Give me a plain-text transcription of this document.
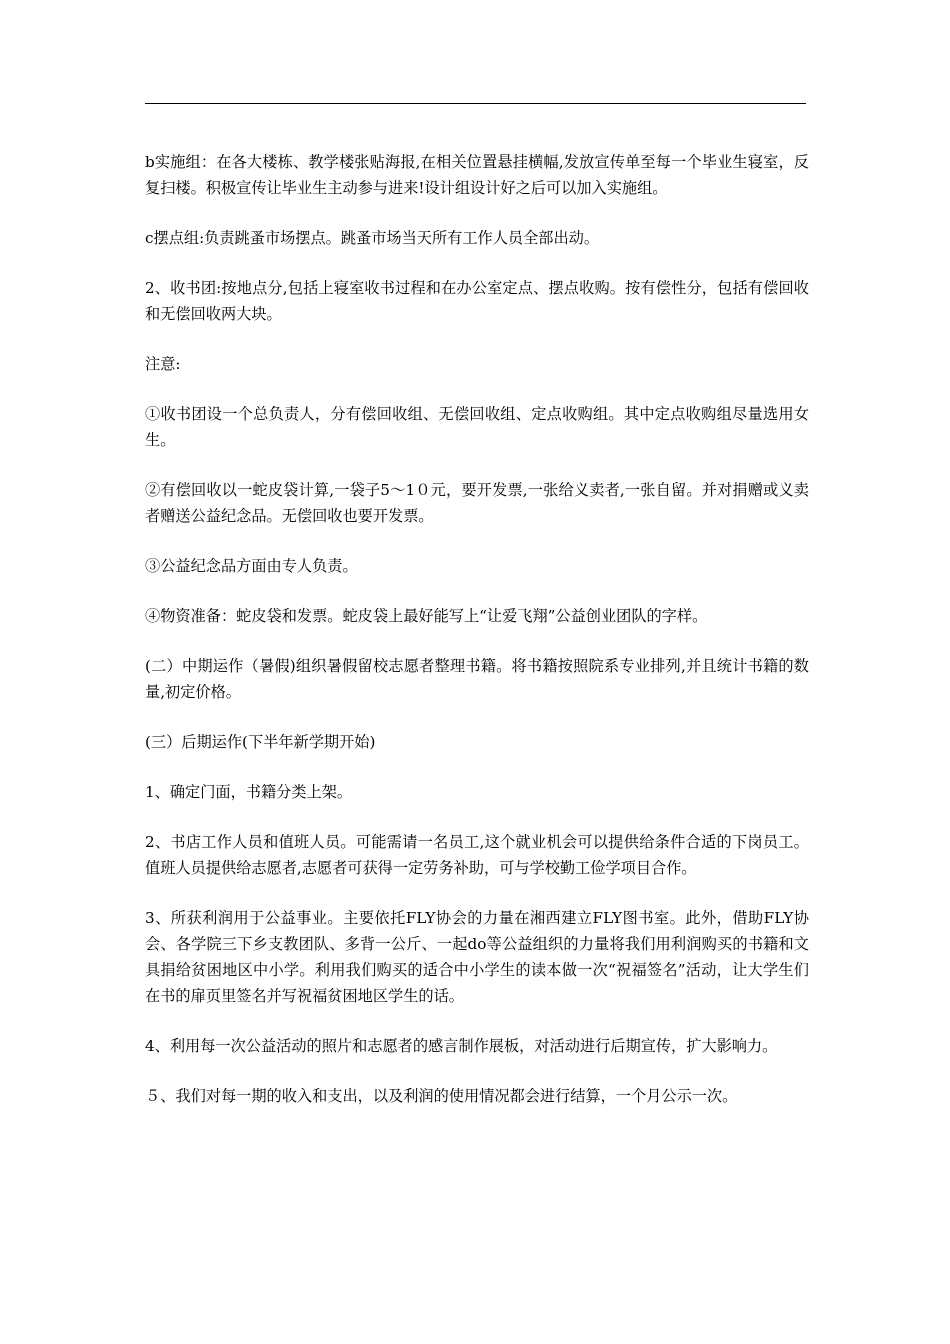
b实施组：在各大楼栋、教学楼张贴海报,在相关位置悬挂横幅,发放宣传单至每一个毕业生寝室，反复扫楼。积极宣传让毕业生主动参与进来!设计组设计好之后可以加入实施组。

c摆点组:负责跳蚤市场摆点。跳蚤市场当天所有工作人员全部出动。

2、收书团:按地点分,包括上寝室收书过程和在办公室定点、摆点收购。按有偿性分，包括有偿回收和无偿回收两大块。

注意:

①收书团设一个总负责人，分有偿回收组、无偿回收组、定点收购组。其中定点收购组尽量选用女生。

②有偿回收以一蛇皮袋计算,一袋子5～1０元，要开发票,一张给义卖者,一张自留。并对捐赠或义卖者赠送公益纪念品。无偿回收也要开发票。

③公益纪念品方面由专人负责。

④物资准备：蛇皮袋和发票。蛇皮袋上最好能写上“让爱飞翔”公益创业团队的字样。

(二）中期运作（暑假)组织暑假留校志愿者整理书籍。将书籍按照院系专业排列,并且统计书籍的数量,初定价格。

(三）后期运作(下半年新学期开始)

1、确定门面，书籍分类上架。

2、书店工作人员和值班人员。可能需请一名员工,这个就业机会可以提供给条件合适的下岗员工。值班人员提供给志愿者,志愿者可获得一定劳务补助，可与学校勤工俭学项目合作。

3、所获利润用于公益事业。主要依托FLY协会的力量在湘西建立FLY图书室。此外，借助FLY协会、各学院三下乡支教团队、多背一公斤、一起do等公益组织的力量将我们用利润购买的书籍和文具捐给贫困地区中小学。利用我们购买的适合中小学生的读本做一次“祝福签名”活动，让大学生们在书的扉页里签名并写祝福贫困地区学生的话。

4、利用每一次公益活动的照片和志愿者的感言制作展板，对活动进行后期宣传，扩大影响力。

５、我们对每一期的收入和支出，以及利润的使用情况都会进行结算，一个月公示一次。
